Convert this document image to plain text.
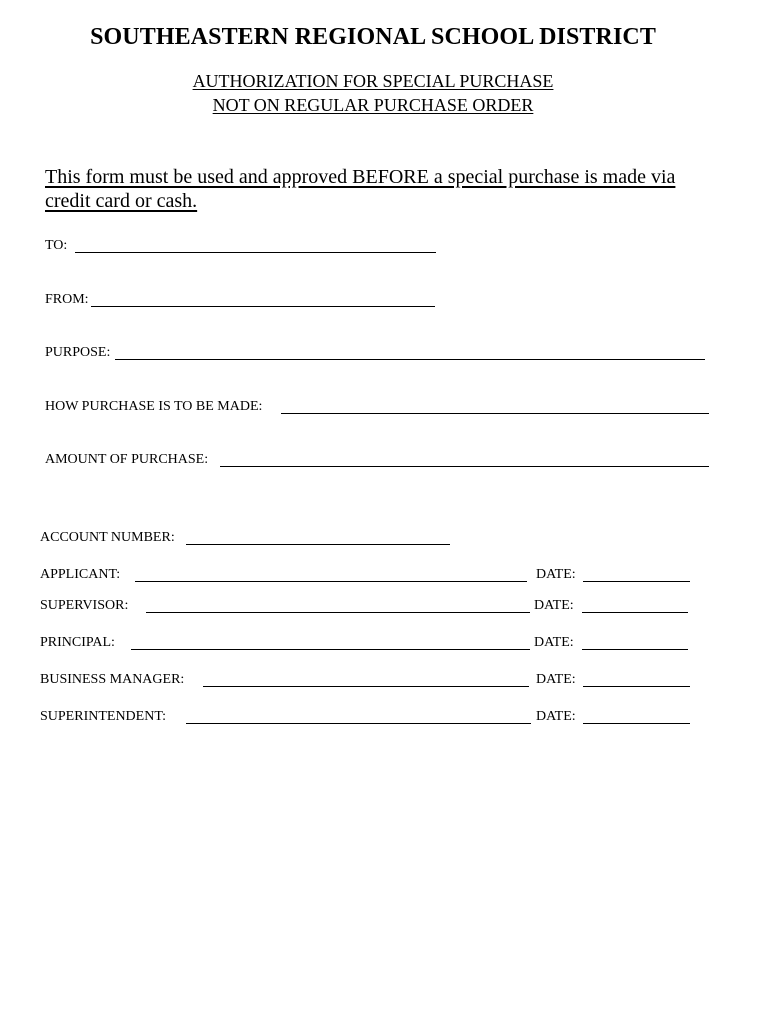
SOUTHEASTERN REGIONAL SCHOOL DISTRICT
AUTHORIZATION FOR SPECIAL PURCHASE
NOT ON REGULAR PURCHASE ORDER
This form must be used and approved BEFORE a special purchase is made via credit card or cash.
TO:
FROM:
PURPOSE:
HOW PURCHASE IS TO BE MADE:
AMOUNT OF PURCHASE:
ACCOUNT NUMBER:
APPLICANT:	DATE:
SUPERVISOR:	DATE:
PRINCIPAL:	DATE:
BUSINESS MANAGER:	DATE:
SUPERINTENDENT:	DATE:
